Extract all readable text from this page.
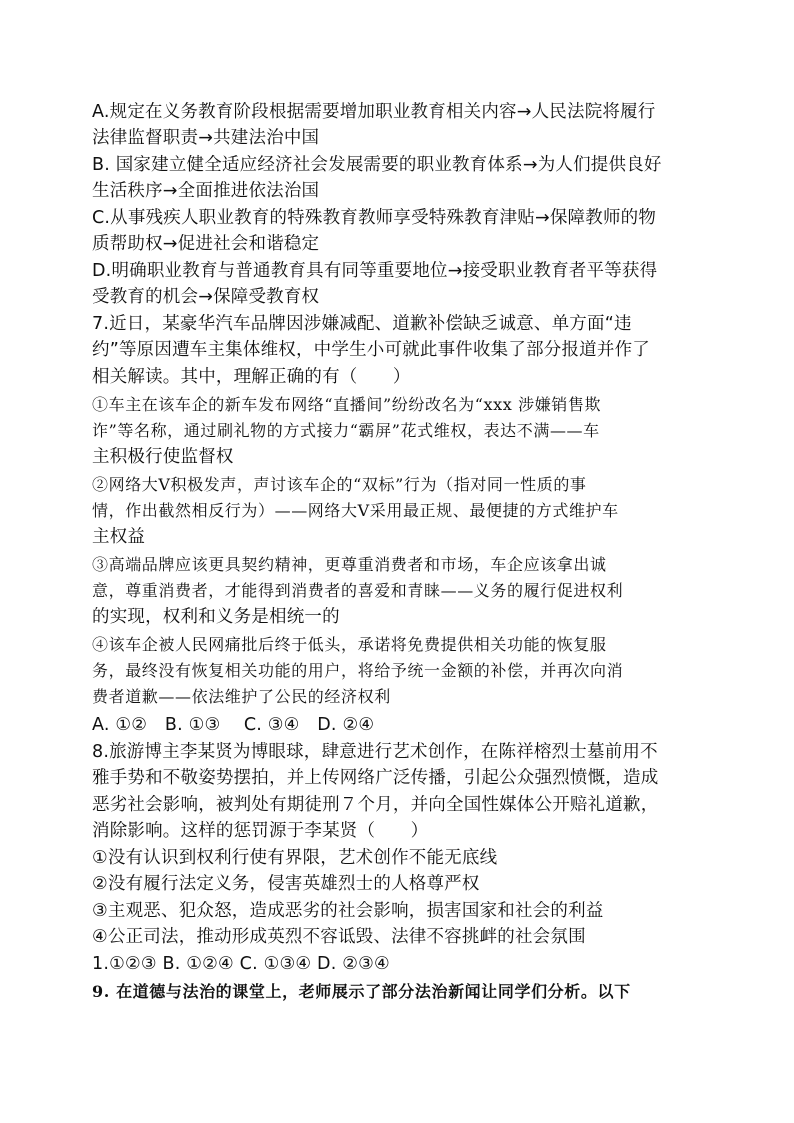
A.规定在义务教育阶段根据需要增加职业教育相关内容→人民法院将履行
法律监督职责→共建法治中国
B. 国家建立健全适应经济社会发展需要的职业教育体系→为人们提供良好
生活秩序→全面推进依法治国
C.从事残疾人职业教育的特殊教育教师享受特殊教育津贴→保障教师的物
质帮助权→促进社会和谐稳定
D.明确职业教育与普通教育具有同等重要地位→接受职业教育者平等获得
受教育的机会→保障受教育权
7.近日，某豪华汽车品牌因涉嫌减配、道歉补偿缺乏诚意、单方面“违
约”等原因遭车主集体维权，中学生小可就此事件收集了部分报道并作了
相关解读。其中，理解正确的有（　　）
①车主在该车企的新车发布网络“直播间”纷纷改名为“xxx 涉嫌销售欺
诈”等名称，通过刷礼物的方式接力“霸屏”花式维权，表达不满——车
主积极行使监督权
②网络大V积极发声，声讨该车企的“双标”行为（指对同一性质的事
情，作出截然相反行为）——网络大Ⅴ采用最正规、最便捷的方式维护车
主权益
③高端品牌应该更具契约精神，更尊重消费者和市场，车企应该拿出诚
意，尊重消费者，才能得到消费者的喜爱和青睐——义务的履行促进权利
的实现，权利和义务是相统一的
④该车企被人民网痛批后终于低头，承诺将免费提供相关功能的恢复服
务，最终没有恢复相关功能的用户，将给予统一金额的补偿，并再次向消
费者道歉——依法维护了公民的经济权利
A. ①②　B. ①③　 C. ③④　D. ②④
8.旅游博主李某贤为博眼球，肆意进行艺术创作，在陈祥榕烈士墓前用不
雅手势和不敬姿势摆拍，并上传网络广泛传播，引起公众强烈愤慨，造成
恶劣社会影响，被判处有期徒刑７个月，并向全国性媒体公开赔礼道歉，
消除影响。这样的惩罚源于李某贤（　　）
①没有认识到权利行使有界限，艺术创作不能无底线
②没有履行法定义务，侵害英雄烈士的人格尊严权
③主观恶、犯众怒，造成恶劣的社会影响，损害国家和社会的利益
④公正司法，推动形成英烈不容诋毁、法律不容挑衅的社会氛围
1.①②③ B. ①②④ C. ①③④ D. ②③④
9. 在道德与法治的课堂上，老师展示了部分法治新闻让同学们分析。以下
